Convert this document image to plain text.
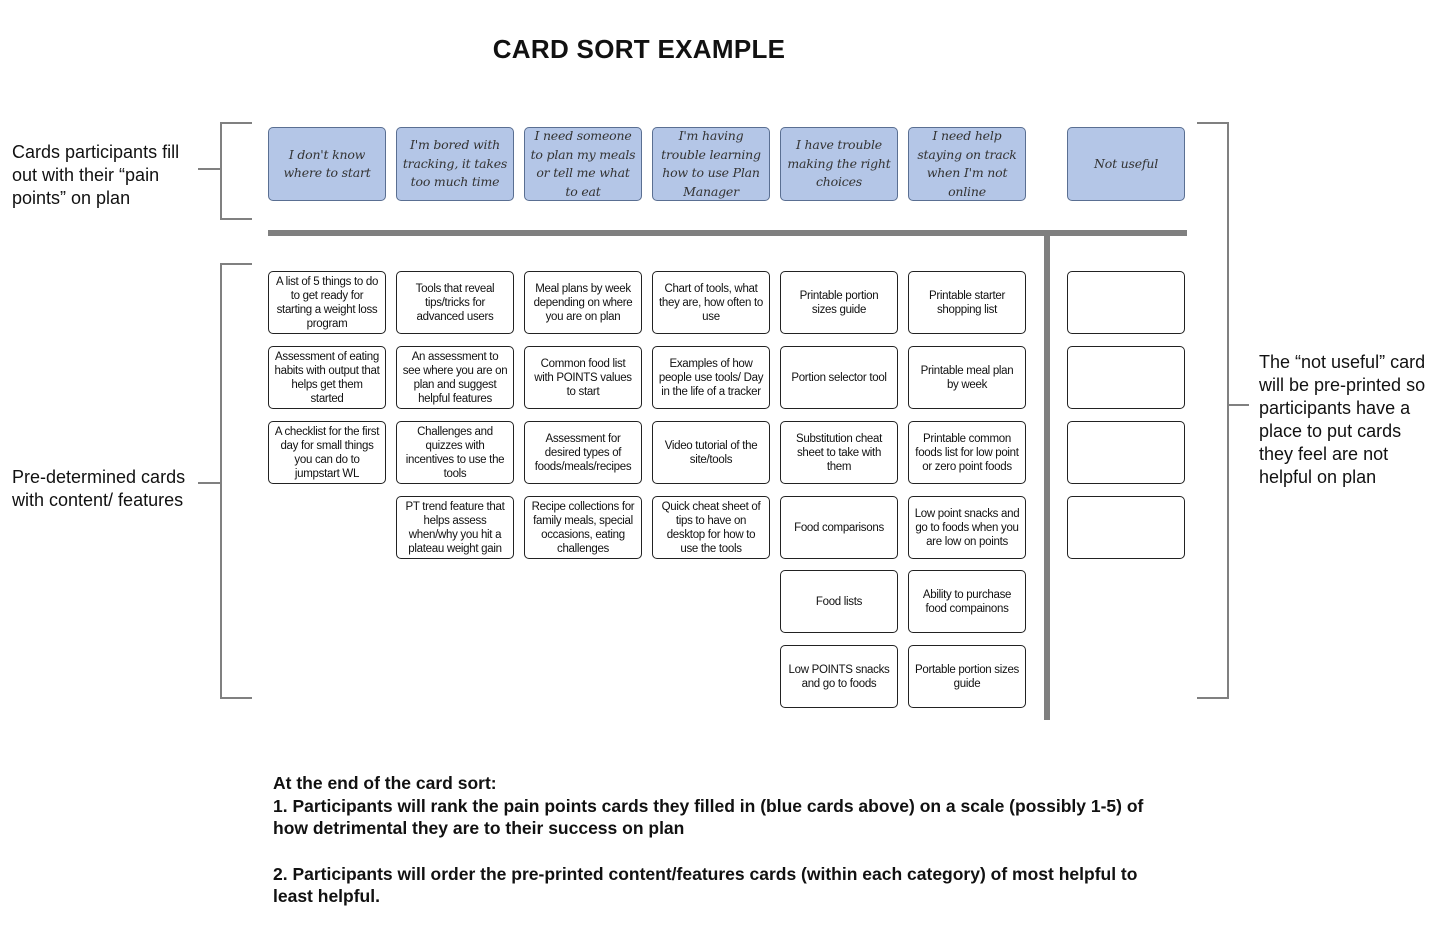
CARD SORT EXAMPLE
Cards participants fill out with their “pain points” on plan
Pre-determined cards with content/ features
The “not useful” card will be pre-printed so participants have a place to put cards they feel are not helpful on plan
I don't know where to start
I'm bored with tracking, it takes too much time
I need someone to plan my meals or tell me what to eat
I'm having trouble learning how to use Plan Manager
I have trouble making the right choices
I need help staying on track when I'm not online
Not useful
A list of 5 things to do to get ready for starting a weight loss program
Assessment of eating habits with output that helps get them started
A checklist for the first day for small things you can do to jumpstart WL
Tools that reveal tips/tricks for advanced users
An assessment to see where you are on plan and suggest helpful features
Challenges and quizzes with incentives to use the tools
PT trend feature that helps assess when/why you hit a plateau weight gain
Meal plans by week depending on where you are on plan
Common food list with POINTS values to start
Assessment for desired types of foods/meals/recipes
Recipe collections for family meals, special occasions, eating challenges
Chart of tools, what they are, how often to use
Examples of how people use tools/ Day in the life of a tracker
Video tutorial of the site/tools
Quick cheat sheet of tips to have on desktop for how to use the tools
Printable portion sizes guide
Portion selector tool
Substitution cheat sheet to take with them
Food comparisons
Food lists
Low POINTS snacks and go to foods
Printable starter shopping list
Printable meal plan by week
Printable common foods list for low point or zero point foods
Low point snacks and go to foods when you are low on points
Ability to purchase food compainons
Portable portion sizes guide

At the end of the card sort:

1. Participants will rank the pain points cards they filled in (blue cards above) on a scale (possibly 1-5) of how detrimental they are to their success on plan

2. Participants will order the pre-printed content/features cards (within each category) of most helpful to least helpful.
